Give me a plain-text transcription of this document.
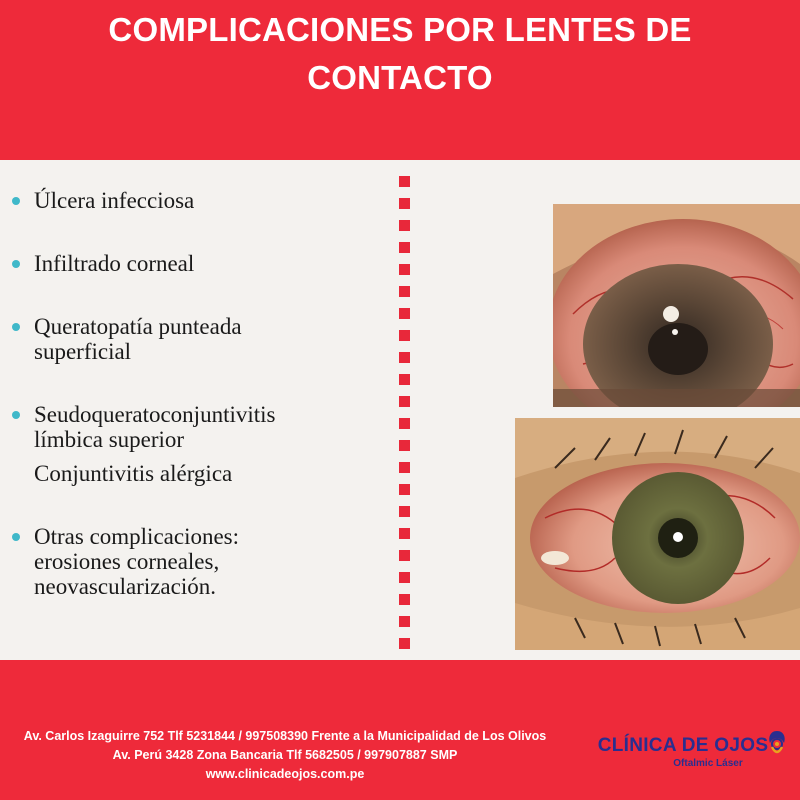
COMPLICACIONES POR LENTES DE
CONTACTO
Úlcera infecciosa
Infiltrado corneal
Queratopatía punteada
superficial
Seudoqueratoconjuntivitis
límbica superior
Conjuntivitis alérgica
Otras complicaciones:
erosiones corneales,
neovascularización.
Av. Carlos Izaguirre 752 Tlf 5231844 / 997508390 Frente a la Municipalidad de Los Olivos
Av. Perú 3428 Zona Bancaria Tlf 5682505 / 997907887 SMP
www.clinicadeojos.com.pe
CLÍNICA DE OJOS
Oftalmic Láser
